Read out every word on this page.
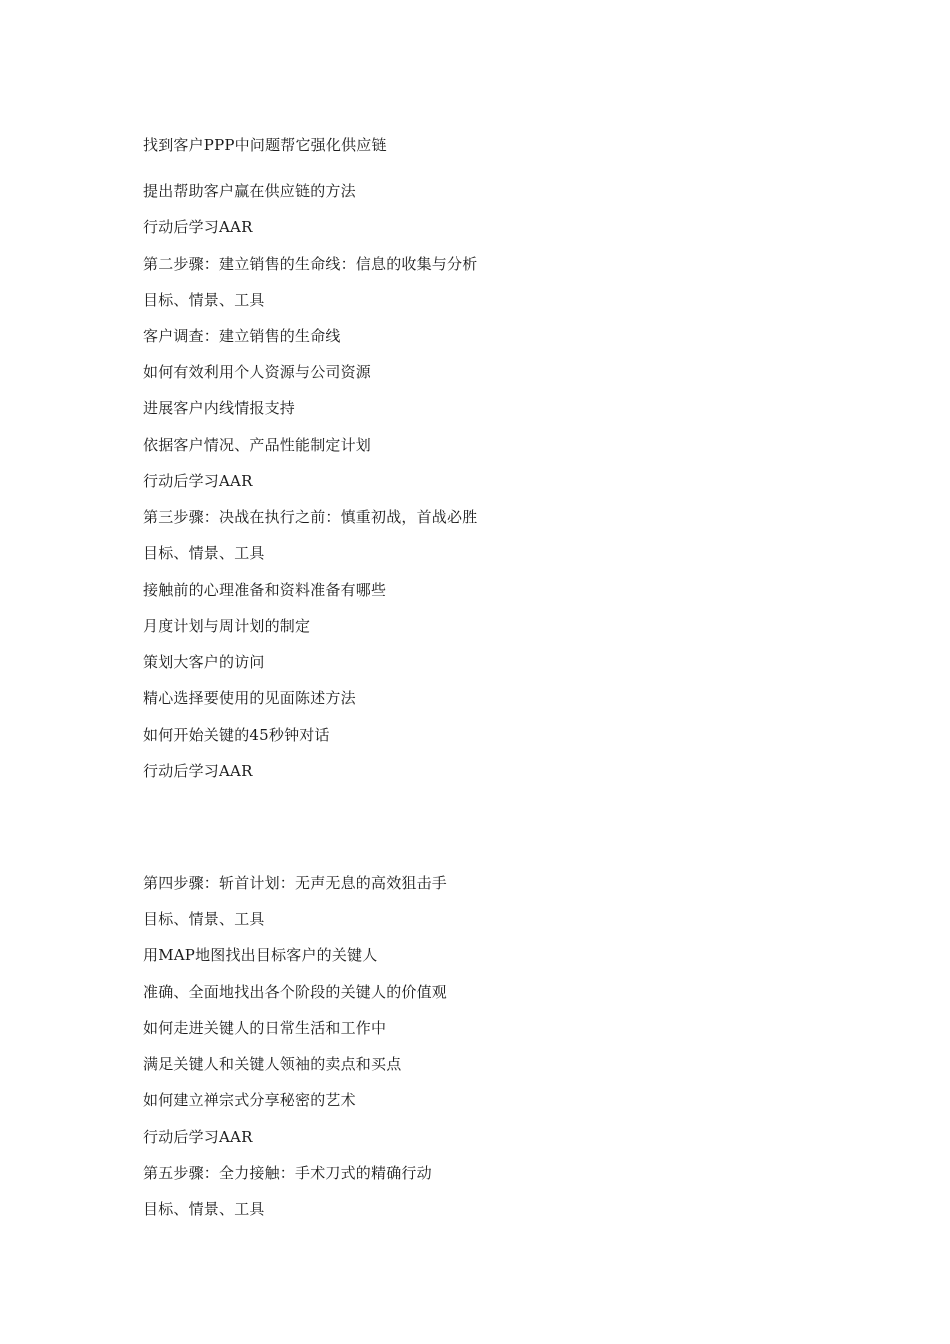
找到客户PPP中问题帮它强化供应链
提出帮助客户赢在供应链的方法
行动后学习AAR
第二步骤：建立销售的生命线：信息的收集与分析
目标、情景、工具
客户调查：建立销售的生命线
如何有效利用个人资源与公司资源
进展客户内线情报支持
依据客户情况、产品性能制定计划
行动后学习AAR
第三步骤：决战在执行之前：慎重初战，首战必胜
目标、情景、工具
接触前的心理准备和资料准备有哪些
月度计划与周计划的制定
策划大客户的访问
精心选择要使用的见面陈述方法
如何开始关键的45秒钟对话
行动后学习AAR
第四步骤：斩首计划：无声无息的高效狙击手
目标、情景、工具
用MAP地图找出目标客户的关键人
准确、全面地找出各个阶段的关键人的价值观
如何走进关键人的日常生活和工作中
满足关键人和关键人领袖的卖点和买点
如何建立禅宗式分享秘密的艺术
行动后学习AAR
第五步骤：全力接触：手术刀式的精确行动
目标、情景、工具
